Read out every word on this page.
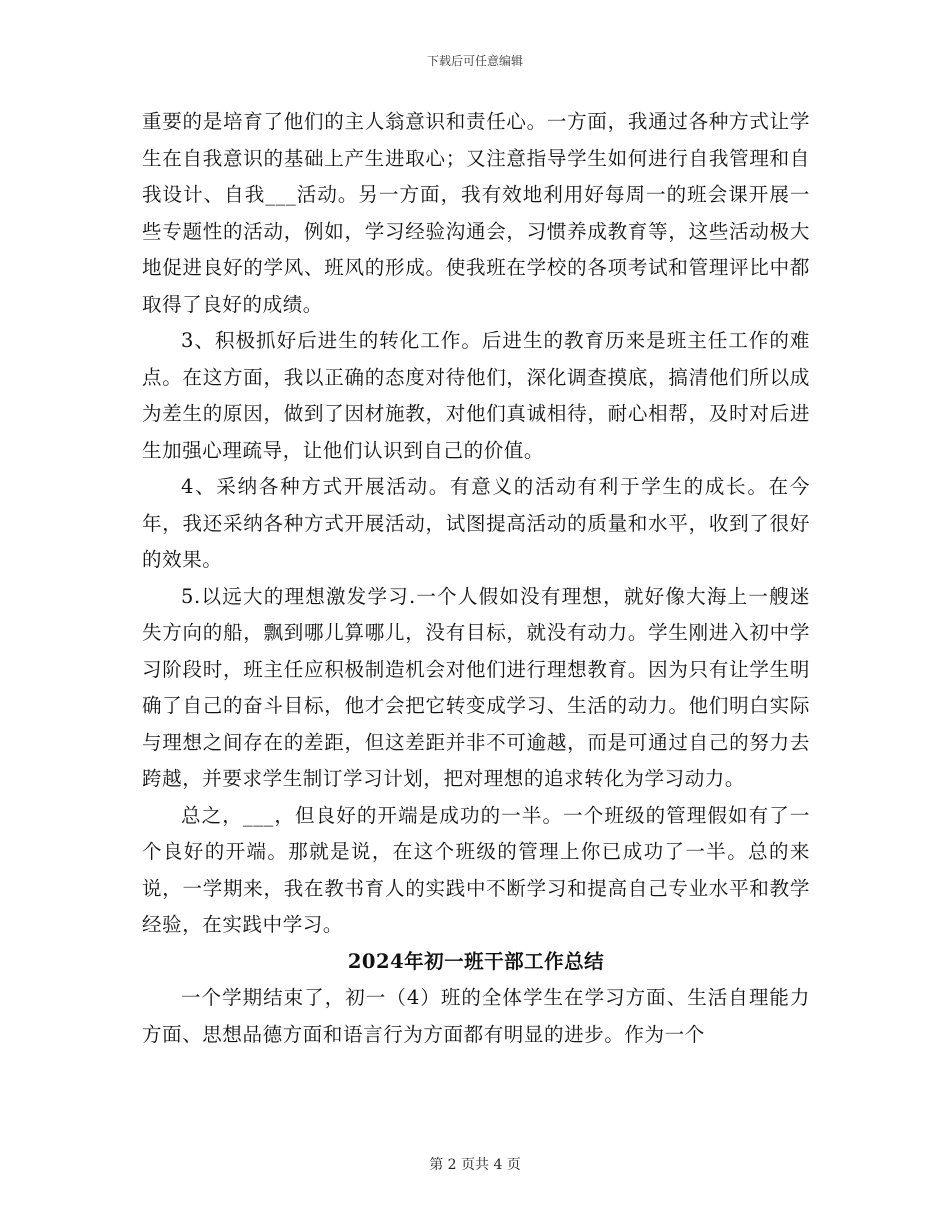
下载后可任意编辑

重要的是培育了他们的主人翁意识和责任心。一方面，我通过各种方式让学生在自我意识的基础上产生进取心；又注意指导学生如何进行自我管理和自我设计、自我___活动。另一方面，我有效地利用好每周一的班会课开展一些专题性的活动，例如，学习经验沟通会，习惯养成教育等，这些活动极大地促进良好的学风、班风的形成。使我班在学校的各项考试和管理评比中都取得了良好的成绩。

3、积极抓好后进生的转化工作。后进生的教育历来是班主任工作的难点。在这方面，我以正确的态度对待他们，深化调查摸底，搞清他们所以成为差生的原因，做到了因材施教，对他们真诚相待，耐心相帮，及时对后进生加强心理疏导，让他们认识到自己的价值。

4、采纳各种方式开展活动。有意义的活动有利于学生的成长。在今年，我还采纳各种方式开展活动，试图提高活动的质量和水平，收到了很好的效果。

5.以远大的理想激发学习.一个人假如没有理想，就好像大海上一艘迷失方向的船，飘到哪儿算哪儿，没有目标，就没有动力。学生刚进入初中学习阶段时，班主任应积极制造机会对他们进行理想教育。因为只有让学生明确了自己的奋斗目标，他才会把它转变成学习、生活的动力。他们明白实际与理想之间存在的差距，但这差距并非不可逾越，而是可通过自己的努力去跨越，并要求学生制订学习计划，把对理想的追求转化为学习动力。

总之，___，但良好的开端是成功的一半。一个班级的管理假如有了一个良好的开端。那就是说，在这个班级的管理上你已成功了一半。总的来说，一学期来，我在教书育人的实践中不断学习和提高自己专业水平和教学经验，在实践中学习。

2024年初一班干部工作总结

一个学期结束了，初一（4）班的全体学生在学习方面、生活自理能力方面、思想品德方面和语言行为方面都有明显的进步。作为一个

第 2 页共 4 页
